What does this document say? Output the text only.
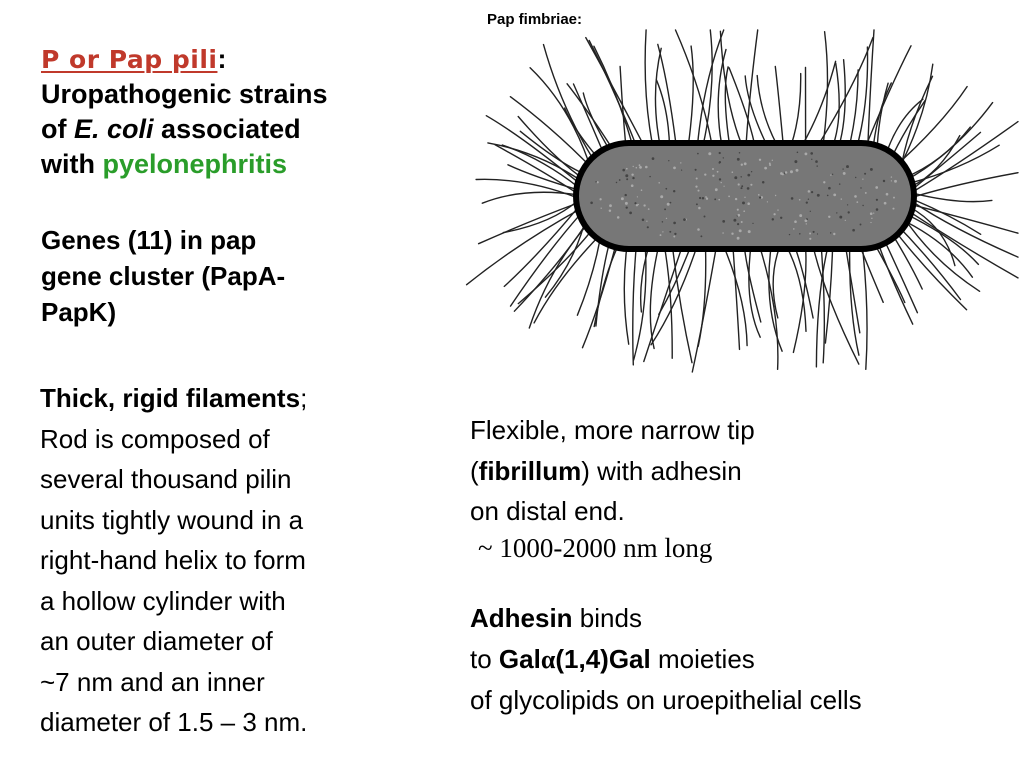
P or Pap pili:
Uropathogenic strains
of E. coli associated
with pyelonephritis
Genes (11) in pap
gene cluster (PapA-
PapK)
Thick, rigid filaments;
Rod is composed of
several thousand pilin
units tightly wound in a
right-hand helix to form
a hollow cylinder with
an outer diameter of
~7 nm and an inner
diameter of 1.5 – 3 nm.
Flexible, more narrow tip
(fibrillum) with adhesin
on distal end.
~ 1000-2000 nm long
Adhesin binds
to Galα(1,4)Gal moieties
of glycolipids on uroepithelial cells
Pap fimbriae:
